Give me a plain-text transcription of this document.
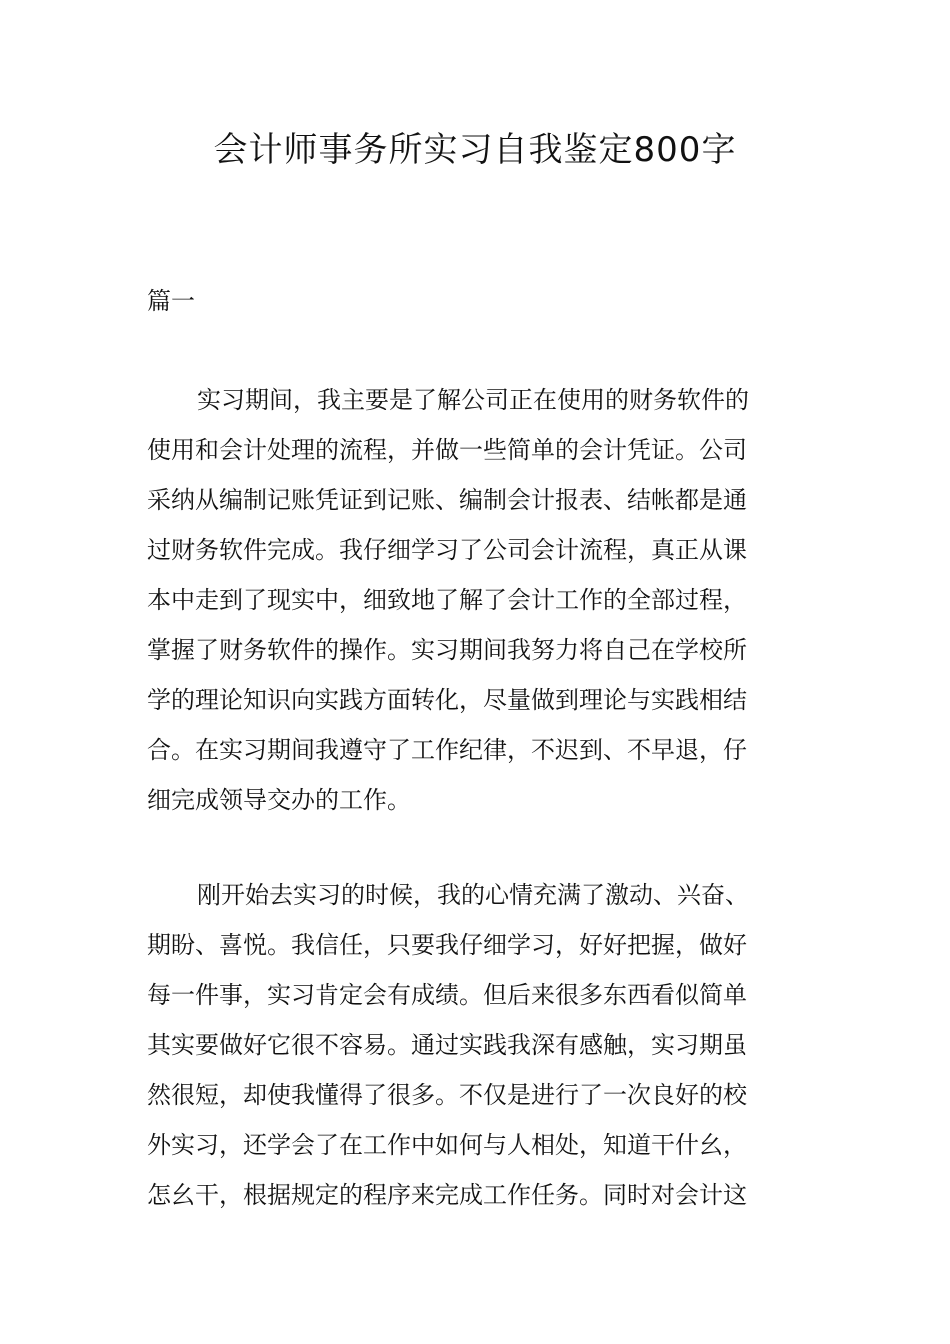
会计师事务所实习自我鉴定800字
篇一
实习期间，我主要是了解公司正在使用的财务软件的
使用和会计处理的流程，并做一些简单的会计凭证。公司
采纳从编制记账凭证到记账、编制会计报表、结帐都是通
过财务软件完成。我仔细学习了公司会计流程，真正从课
本中走到了现实中，细致地了解了会计工作的全部过程，
掌握了财务软件的操作。实习期间我努力将自己在学校所
学的理论知识向实践方面转化，尽量做到理论与实践相结
合。在实习期间我遵守了工作纪律，不迟到、不早退，仔
细完成领导交办的工作。
刚开始去实习的时候，我的心情充满了激动、兴奋、
期盼、喜悦。我信任，只要我仔细学习，好好把握，做好
每一件事，实习肯定会有成绩。但后来很多东西看似简单
其实要做好它很不容易。通过实践我深有感触，实习期虽
然很短，却使我懂得了很多。不仅是进行了一次良好的校
外实习，还学会了在工作中如何与人相处，知道干什幺，
怎幺干，根据规定的程序来完成工作任务。同时对会计这
